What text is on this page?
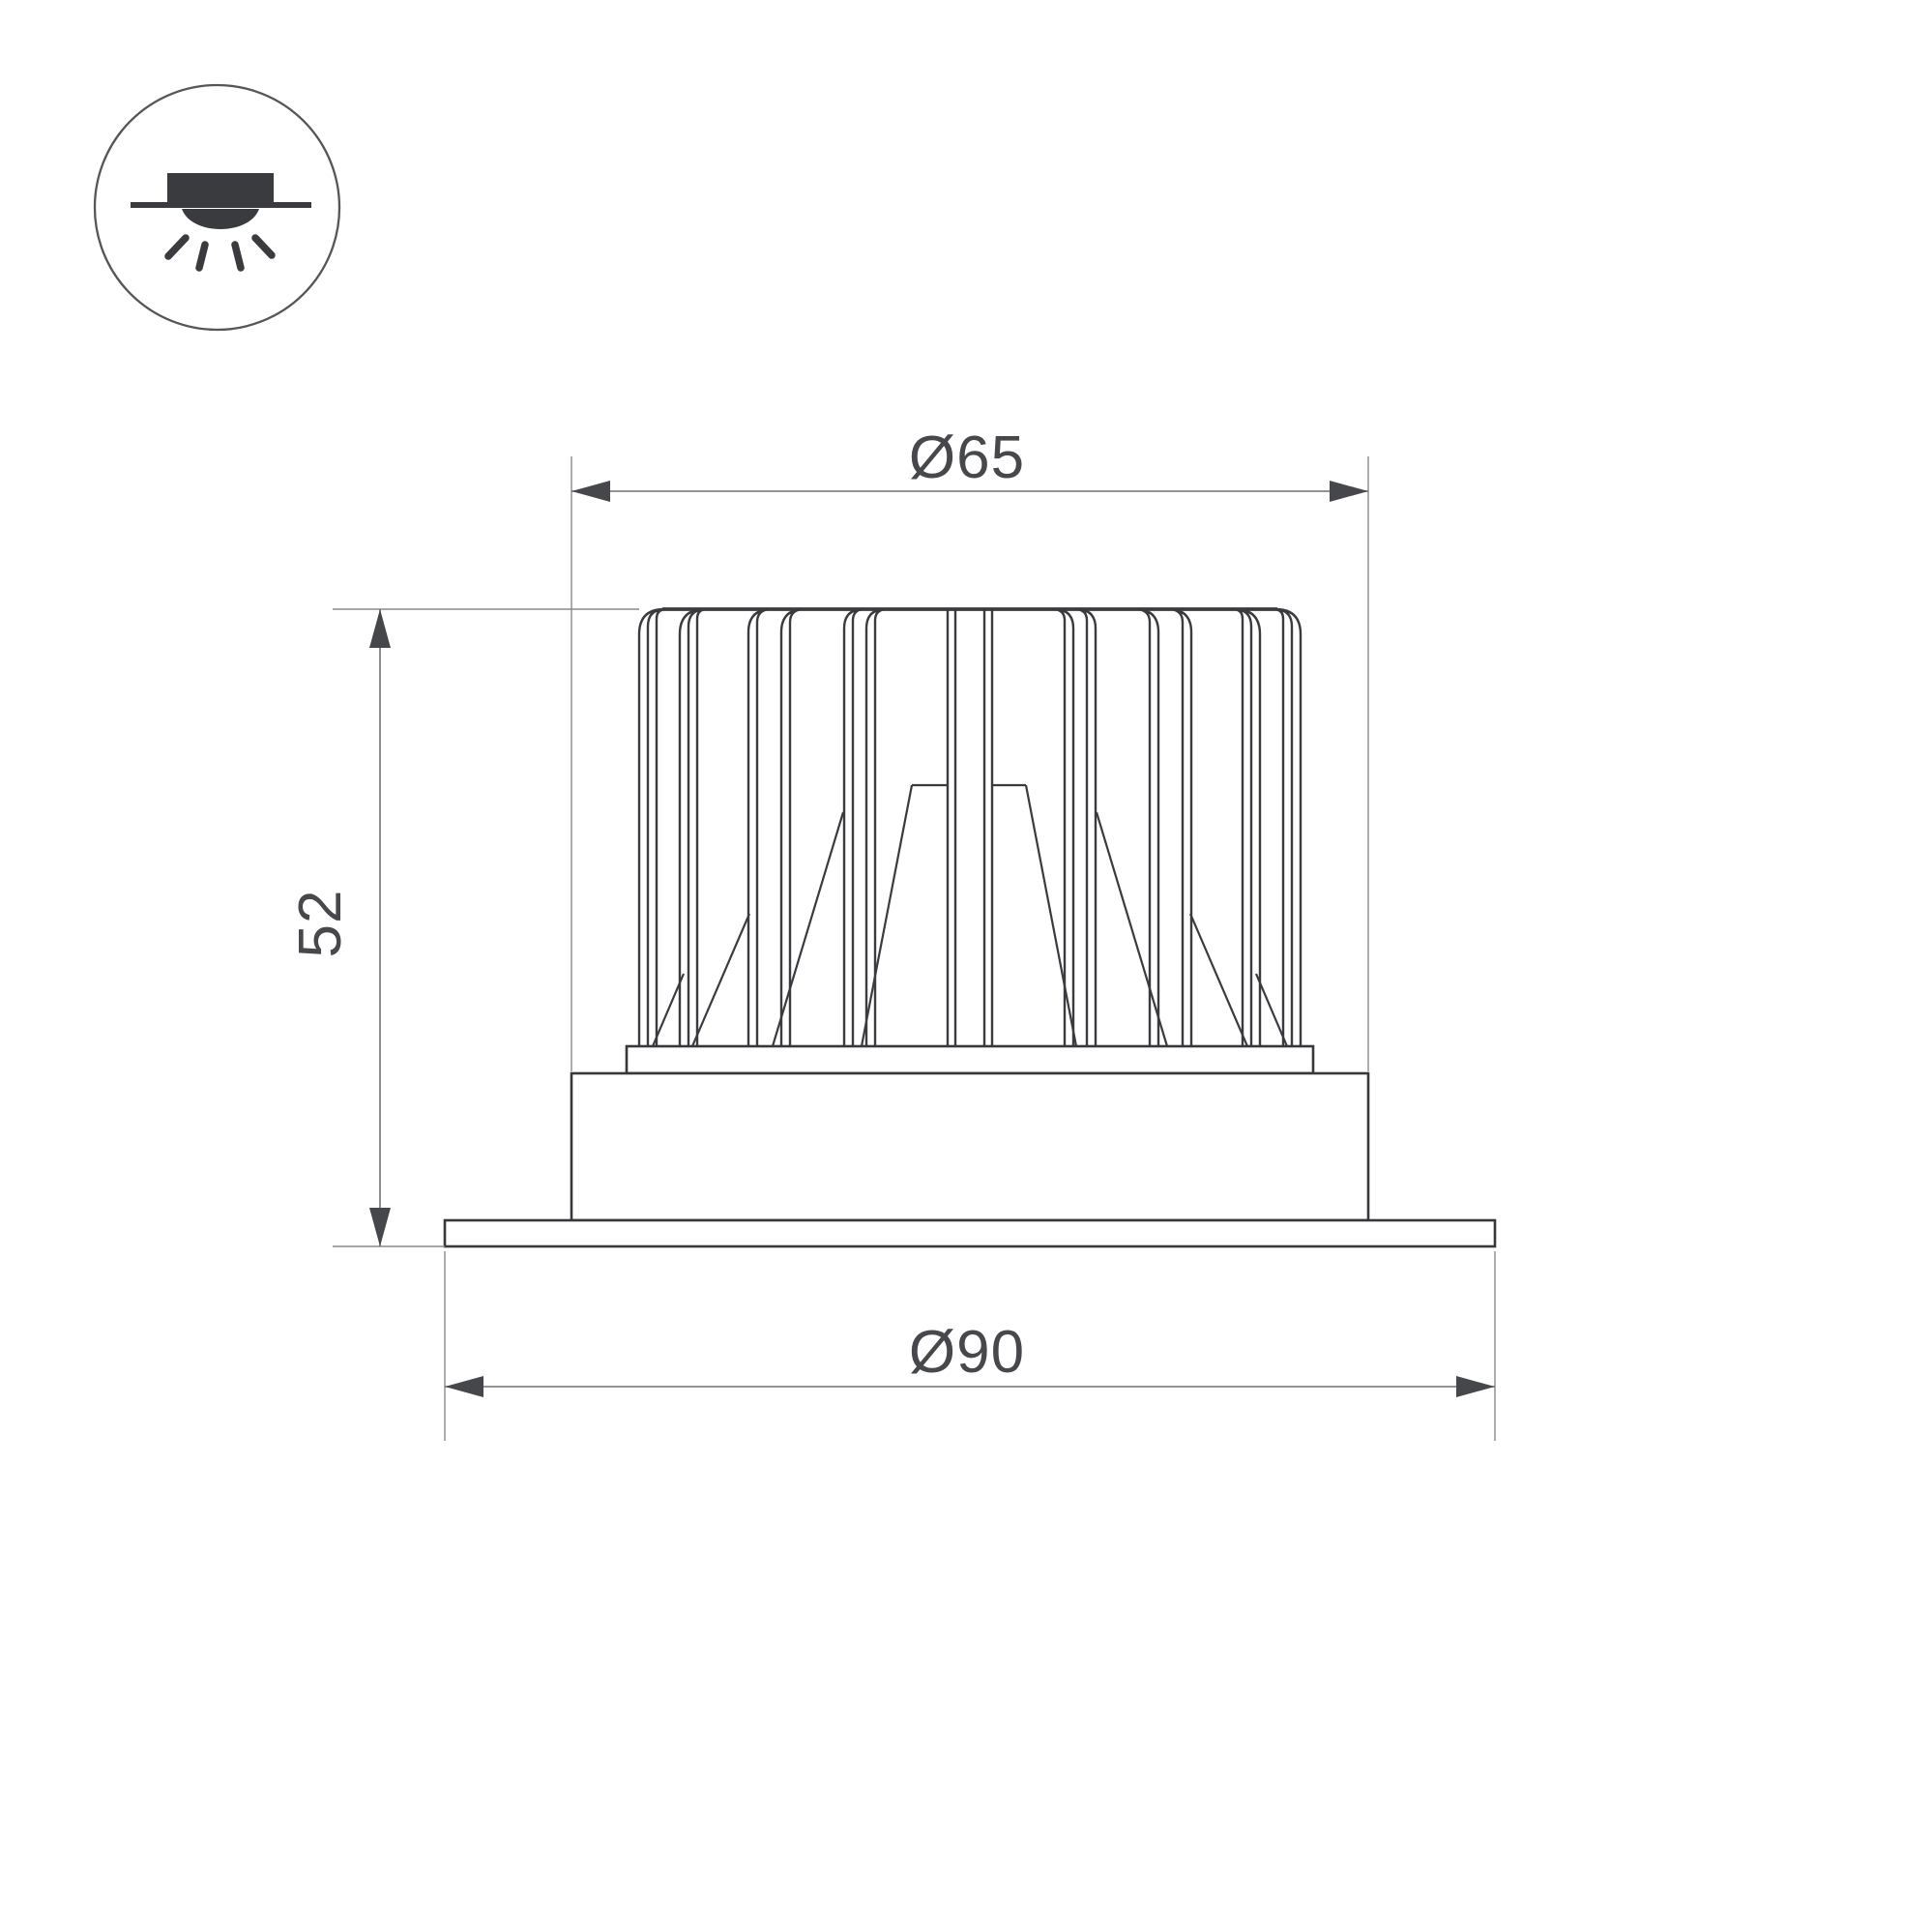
Ø65
52
Ø90
